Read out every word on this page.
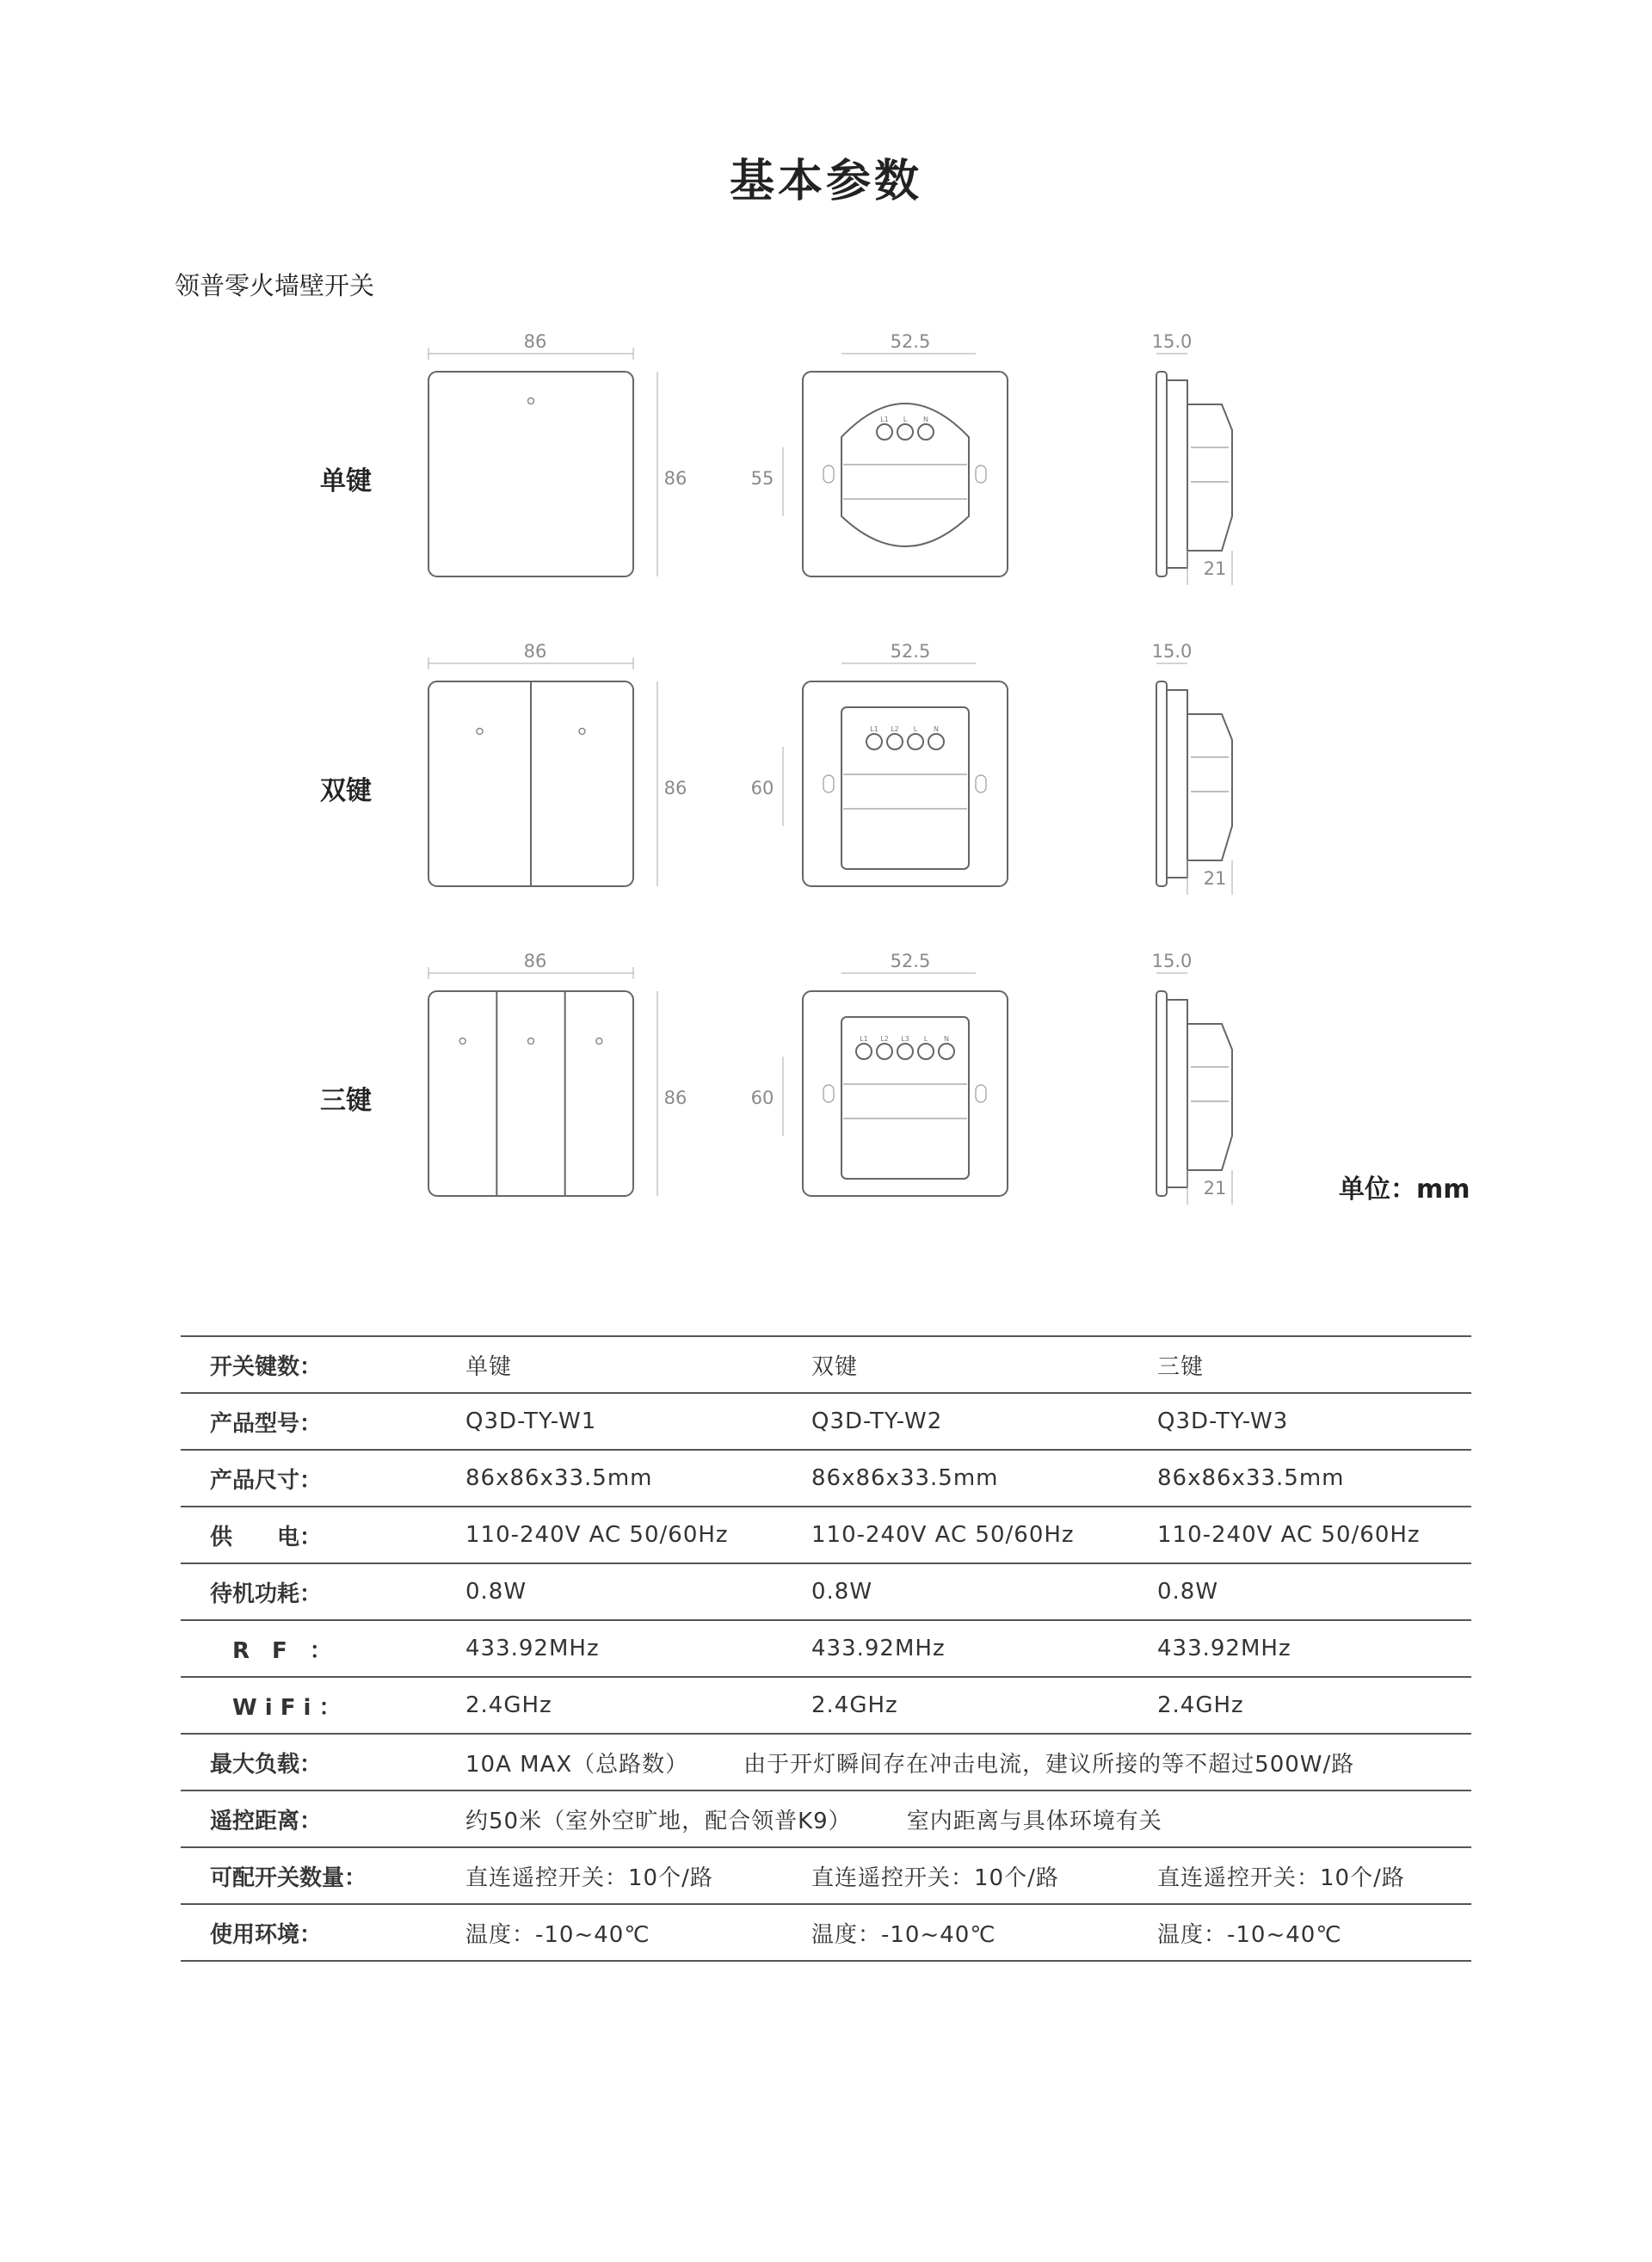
基本参数
领普零火墙壁开关
单键
双键
三键
单位：mm
86
86
52.5
55
L1 L N
15.0
21
86
86
52.5
60
L1 L2 L N
15.0
21
86
86
52.5
60
L1 L2 L3 L N
15.0
21
开关键数：	单键	双键	三键
产品型号：	Q3D-TY-W1	Q3D-TY-W2	Q3D-TY-W3
产品尺寸：	86x86x33.5mm	86x86x33.5mm	86x86x33.5mm
供　　电：	110-240V AC 50/60Hz	110-240V AC 50/60Hz	110-240V AC 50/60Hz
待机功耗：	0.8W	0.8W	0.8W
　R　F　：	433.92MHz	433.92MHz	433.92MHz
　W i F i ：	2.4GHz	2.4GHz	2.4GHz
最大负载：	10A MAX（总路数） 由于开灯瞬间存在冲击电流，建议所接的等不超过500W/路		
遥控距离：	约50米（室外空旷地，配合领普K9） 室内距离与具体环境有关		
可配开关数量：	直连遥控开关：10个/路	直连遥控开关：10个/路	直连遥控开关：10个/路
使用环境：	温度：-10~40℃	温度：-10~40℃	温度：-10~40℃
